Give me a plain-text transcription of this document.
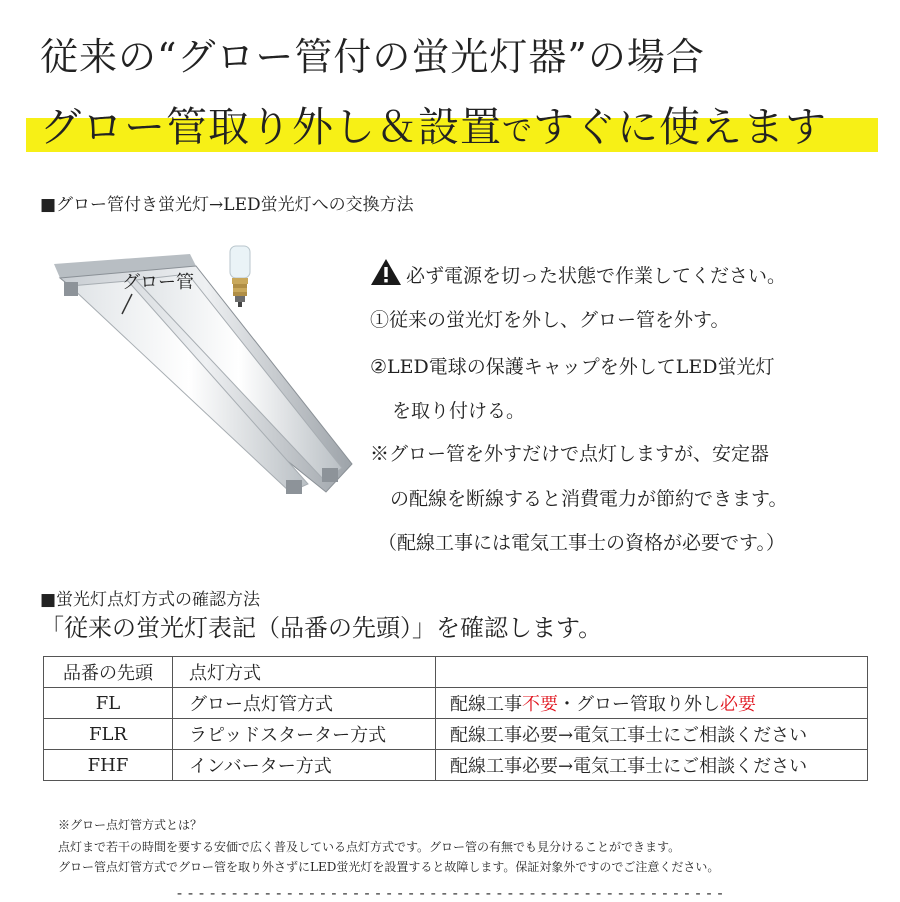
従来の“グロー管付の蛍光灯器”の場合
グロー管取り外し＆設置ですぐに使えます
■グロー管付き蛍光灯→LED蛍光灯への交換方法
グロー管	必ず電源を切った状態で作業してください。
①従来の蛍光灯を外し、グロー管を外す。
②LED電球の保護キャップを外してLED蛍光灯
を取り付ける。
※グロー管を外すだけで点灯しますが、安定器
の配線を断線すると消費電力が節約できます。
（配線工事には電気工事士の資格が必要です。）
■蛍光灯点灯方式の確認方法
「従来の蛍光灯表記（品番の先頭）」を確認します。
品番の先頭	点灯方式	
FL	グロー点灯管方式	配線工事不要・グロー管取り外し必要
FLR	ラピッドスターター方式	配線工事必要→電気工事士にご相談ください
FHF	インバーター方式	配線工事必要→電気工事士にご相談ください
※グロー点灯管方式とは？
点灯まで若干の時間を要する安価で広く普及している点灯方式です。グロー管の有無でも見分けることができます。
グロー管点灯管方式でグロー管を取り外さずにLED蛍光灯を設置すると故障します。保証対象外ですのでご注意ください。
--------------------------------------------------
